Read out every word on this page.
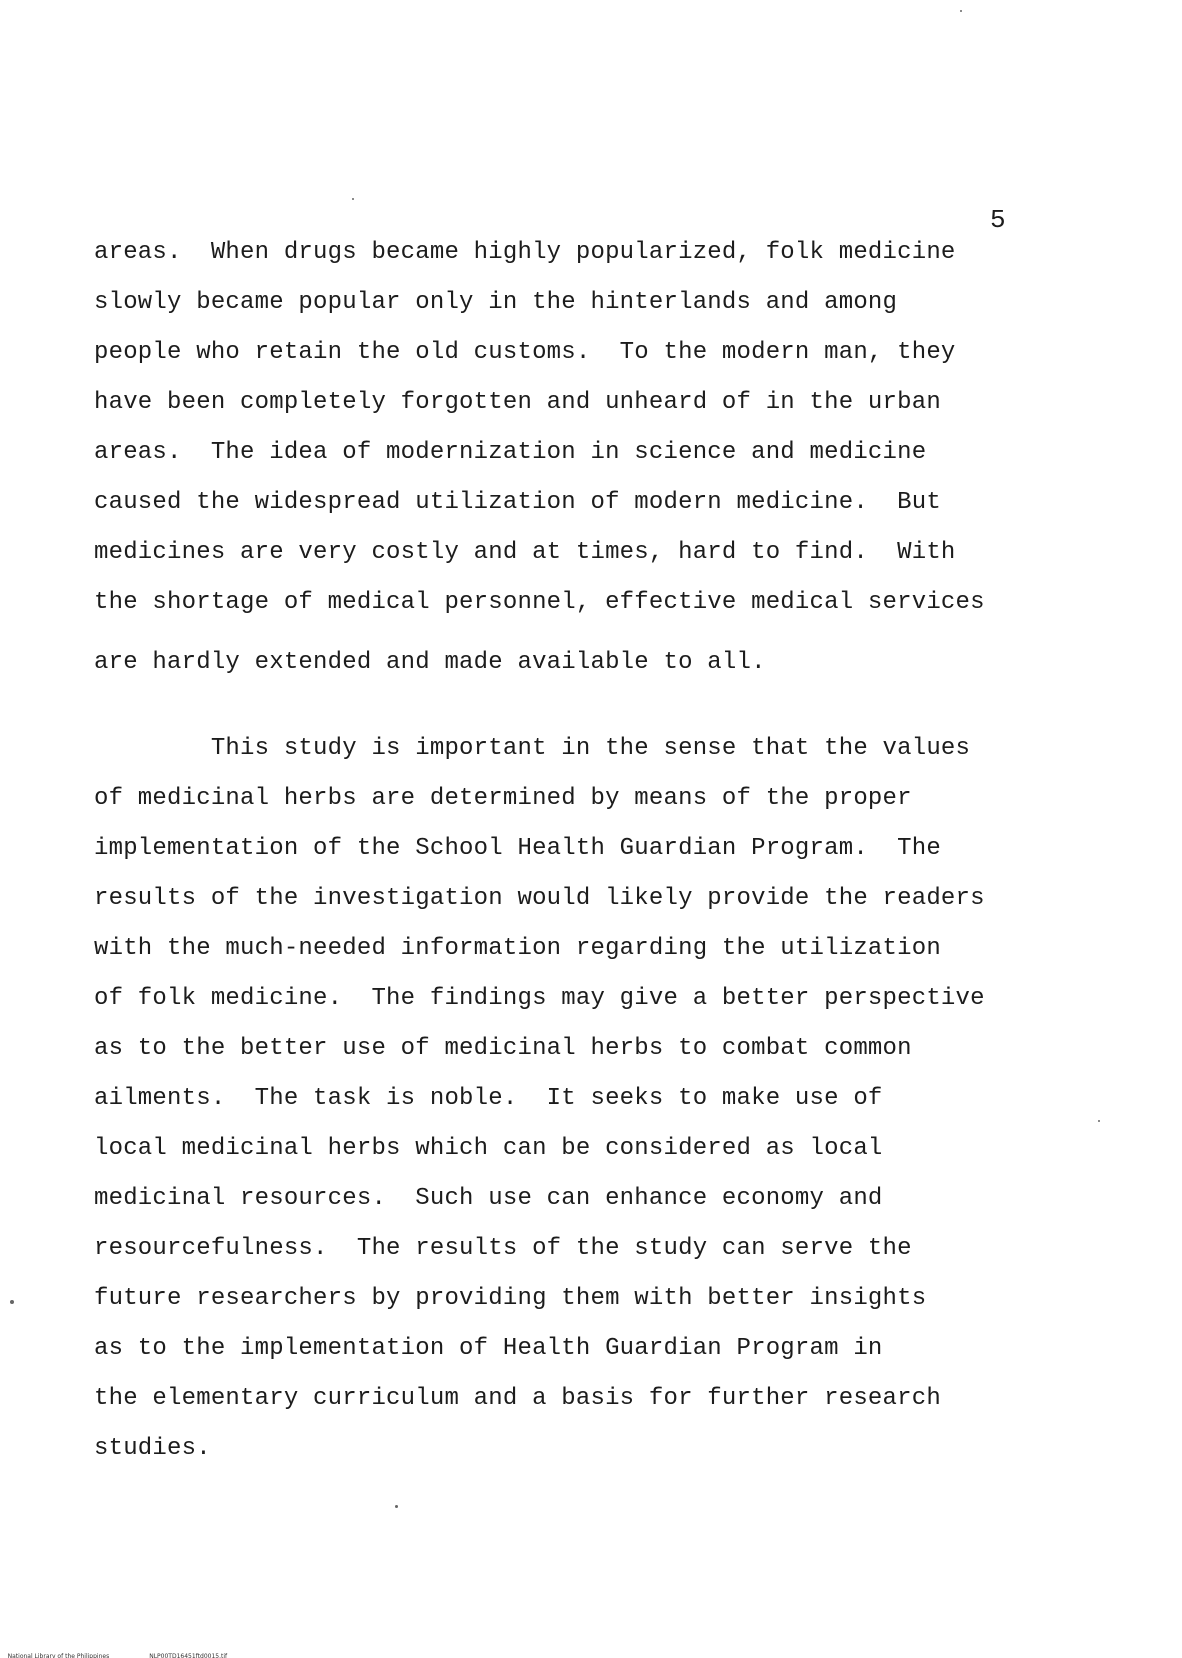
5
areas.  When drugs became highly popularized, folk medicine
slowly became popular only in the hinterlands and among
people who retain the old customs.  To the modern man, they
have been completely forgotten and unheard of in the urban
areas.  The idea of modernization in science and medicine
caused the widespread utilization of modern medicine.  But
medicines are very costly and at times, hard to find.  With
the shortage of medical personnel, effective medical services
are hardly extended and made available to all.
This study is important in the sense that the values
of medicinal herbs are determined by means of the proper
implementation of the School Health Guardian Program.  The
results of the investigation would likely provide the readers
with the much-needed information regarding the utilization
of folk medicine.  The findings may give a better perspective
as to the better use of medicinal herbs to combat common
ailments.  The task is noble.  It seeks to make use of
local medicinal herbs which can be considered as local
medicinal resources.  Such use can enhance economy and
resourcefulness.  The results of the study can serve the
future researchers by providing them with better insights
as to the implementation of Health Guardian Program in
the elementary curriculum and a basis for further research
studies.

National Library of the Philippines	NLP00TD16451ftd0015.tif
